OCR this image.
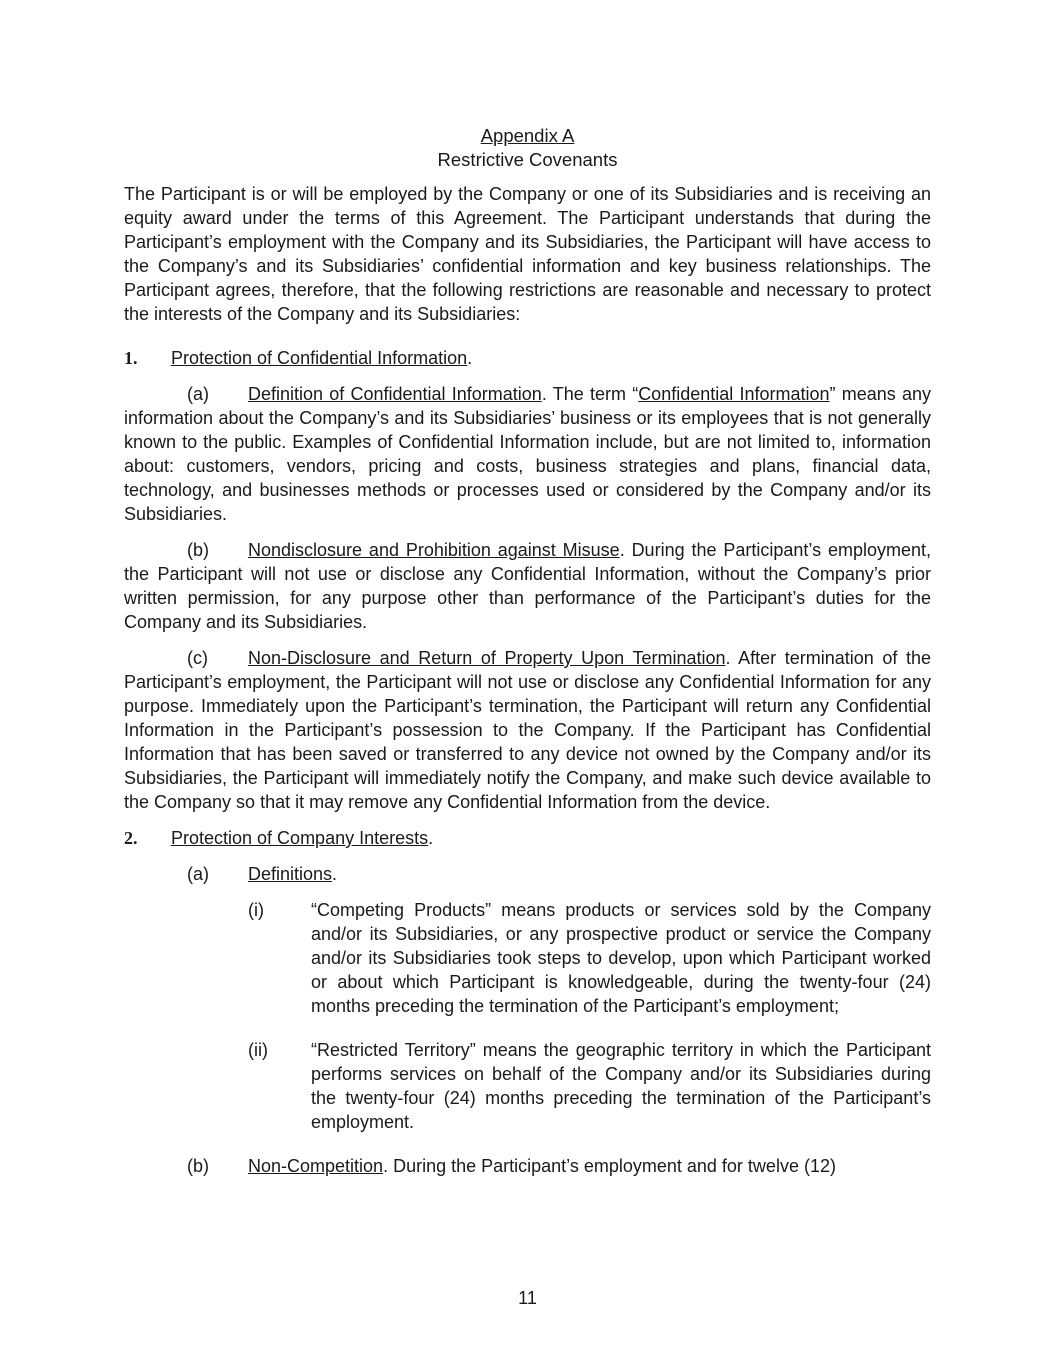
Appendix A
Restrictive Covenants

The Participant is or will be employed by the Company or one of its Subsidiaries and is receiving an equity award under the terms of this Agreement. The Participant understands that during the Participant’s employment with the Company and its Subsidiaries, the Participant will have access to the Company’s and its Subsidiaries’ confidential information and key business relationships. The Participant agrees, therefore, that the following restrictions are reasonable and necessary to protect the interests of the Company and its Subsidiaries:

1. Protection of Confidential Information.

(a) Definition of Confidential Information. The term “Confidential Information” means any information about the Company’s and its Subsidiaries’ business or its employees that is not generally known to the public. Examples of Confidential Information include, but are not limited to, information about: customers, vendors, pricing and costs, business strategies and plans, financial data, technology, and businesses methods or processes used or considered by the Company and/or its Subsidiaries.

(b) Nondisclosure and Prohibition against Misuse. During the Participant’s employment, the Participant will not use or disclose any Confidential Information, without the Company’s prior written permission, for any purpose other than performance of the Participant’s duties for the Company and its Subsidiaries.

(c) Non-Disclosure and Return of Property Upon Termination. After termination of the Participant’s employment, the Participant will not use or disclose any Confidential Information for any purpose. Immediately upon the Participant’s termination, the Participant will return any Confidential Information in the Participant’s possession to the Company. If the Participant has Confidential Information that has been saved or transferred to any device not owned by the Company and/or its Subsidiaries, the Participant will immediately notify the Company, and make such device available to the Company so that it may remove any Confidential Information from the device.

2. Protection of Company Interests.
(a) Definitions.
(i)	“Competing Products” means products or services sold by the Company and/or its Subsidiaries, or any prospective product or service the Company and/or its Subsidiaries took steps to develop, upon which Participant worked or about which Participant is knowledgeable, during the twenty-four (24) months preceding the termination of the Participant’s employment;
(ii) “Restricted Territory” means the geographic territory in which the Participant performs services on behalf of the Company and/or its Subsidiaries during the twenty-four (24) months preceding the termination of the Participant’s employment.
(b) Non-Competition. During the Participant’s employment and for twelve (12)
11
